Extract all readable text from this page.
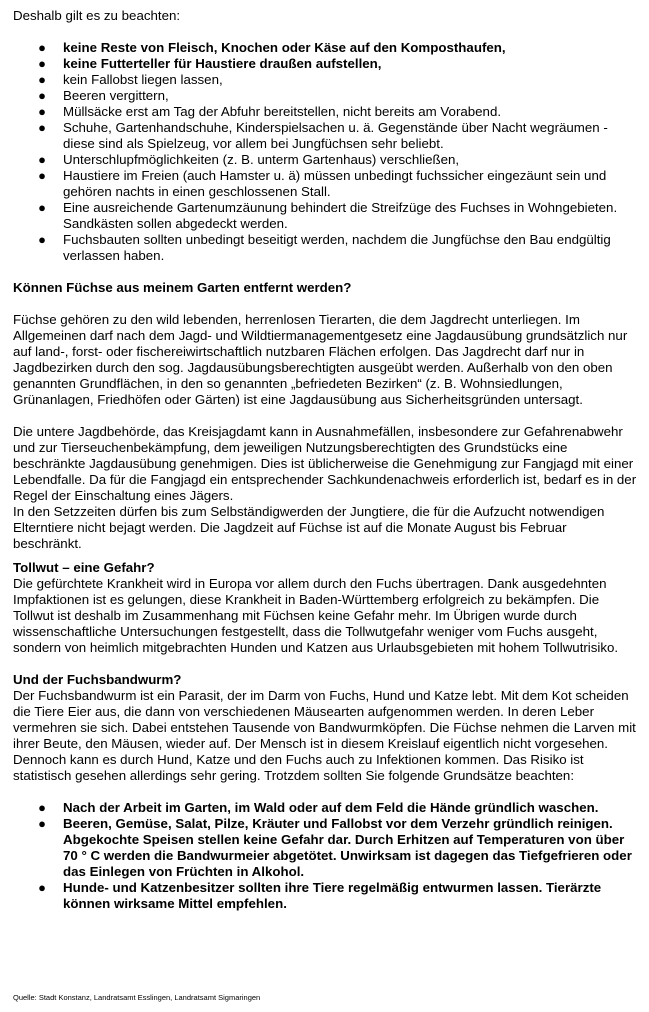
Deshalb gilt es zu beachten:

● keine Reste von Fleisch, Knochen oder Käse auf den Komposthaufen,
● keine Futterteller für Haustiere draußen aufstellen,
● kein Fallobst liegen lassen,
● Beeren vergittern,
● Müllsäcke erst am Tag der Abfuhr bereitstellen, nicht bereits am Vorabend.
● Schuhe, Gartenhandschuhe, Kinderspielsachen u. ä. Gegenstände über Nacht wegräumen - diese sind als Spielzeug, vor allem bei Jungfüchsen sehr beliebt.
● Unterschlupfmöglichkeiten (z. B. unterm Gartenhaus) verschließen,
● Haustiere im Freien (auch Hamster u. ä) müssen unbedingt fuchssicher eingezäunt sein und gehören nachts in einen geschlossenen Stall.
● Eine ausreichende Gartenumzäunung behindert die Streifzüge des Fuchses in Wohngebieten. Sandkästen sollen abgedeckt werden.
● Fuchsbauten sollten unbedingt beseitigt werden, nachdem die Jungfüchse den Bau endgültig verlassen haben.

Können Füchse aus meinem Garten entfernt werden?

Füchse gehören zu den wild lebenden, herrenlosen Tierarten, die dem Jagdrecht unterliegen. Im Allgemeinen darf nach dem Jagd- und Wildtiermanagementgesetz eine Jagdausübung grundsätzlich nur auf land-, forst- oder fischereiwirtschaftlich nutzbaren Flächen erfolgen. Das Jagdrecht darf nur in Jagdbezirken durch den sog. Jagdausübungsberechtigten ausgeübt werden. Außerhalb von den oben genannten Grundflächen, in den so genannten „befriedeten Bezirken“ (z. B. Wohnsiedlungen, Grünanlagen, Friedhöfen oder Gärten) ist eine Jagdausübung aus Sicherheitsgründen untersagt.

Die untere Jagdbehörde, das Kreisjagdamt kann in Ausnahmefällen, insbesondere zur Gefahrenabwehr und zur Tierseuchenbekämpfung, dem jeweiligen Nutzungsberechtigten des Grundstücks eine beschränkte Jagdausübung genehmigen. Dies ist üblicherweise die Genehmigung zur Fangjagd mit einer Lebendfalle. Da für die Fangjagd ein entsprechender Sachkundenachweis erforderlich ist, bedarf es in der Regel der Einschaltung eines Jägers.

In den Setzzeiten dürfen bis zum Selbständigwerden der Jungtiere, die für die Aufzucht notwendigen Elterntiere nicht bejagt werden. Die Jagdzeit auf Füchse ist auf die Monate August bis Februar beschränkt.

Tollwut – eine Gefahr?

Die gefürchtete Krankheit wird in Europa vor allem durch den Fuchs übertragen. Dank ausgedehnten Impfaktionen ist es gelungen, diese Krankheit in Baden-Württemberg erfolgreich zu bekämpfen. Die Tollwut ist deshalb im Zusammenhang mit Füchsen keine Gefahr mehr. Im Übrigen wurde durch wissenschaftliche Untersuchungen festgestellt, dass die Tollwutgefahr weniger vom Fuchs ausgeht, sondern von heimlich mitgebrachten Hunden und Katzen aus Urlaubsgebieten mit hohem Tollwutrisiko.

Und der Fuchsbandwurm?

Der Fuchsbandwurm ist ein Parasit, der im Darm von Fuchs, Hund und Katze lebt. Mit dem Kot scheiden die Tiere Eier aus, die dann von verschiedenen Mäusearten aufgenommen werden. In deren Leber vermehren sie sich. Dabei entstehen Tausende von Bandwurmköpfen. Die Füchse nehmen die Larven mit ihrer Beute, den Mäusen, wieder auf. Der Mensch ist in diesem Kreislauf eigentlich nicht vorgesehen. Dennoch kann es durch Hund, Katze und den Fuchs auch zu Infektionen kommen. Das Risiko ist statistisch gesehen allerdings sehr gering. Trotzdem sollten Sie folgende Grundsätze beachten:

● Nach der Arbeit im Garten, im Wald oder auf dem Feld die Hände gründlich waschen.
● Beeren, Gemüse, Salat, Pilze, Kräuter und Fallobst vor dem Verzehr gründlich reinigen. Abgekochte Speisen stellen keine Gefahr dar. Durch Erhitzen auf Temperaturen von über 70 ° C werden die Bandwurmeier abgetötet. Unwirksam ist dagegen das Tiefgefrieren oder das Einlegen von Früchten in Alkohol.
● Hunde- und Katzenbesitzer sollten ihre Tiere regelmäßig entwurmen lassen. Tierärzte können wirksame Mittel empfehlen.

Quelle: Stadt Konstanz, Landratsamt Esslingen, Landratsamt Sigmaringen
